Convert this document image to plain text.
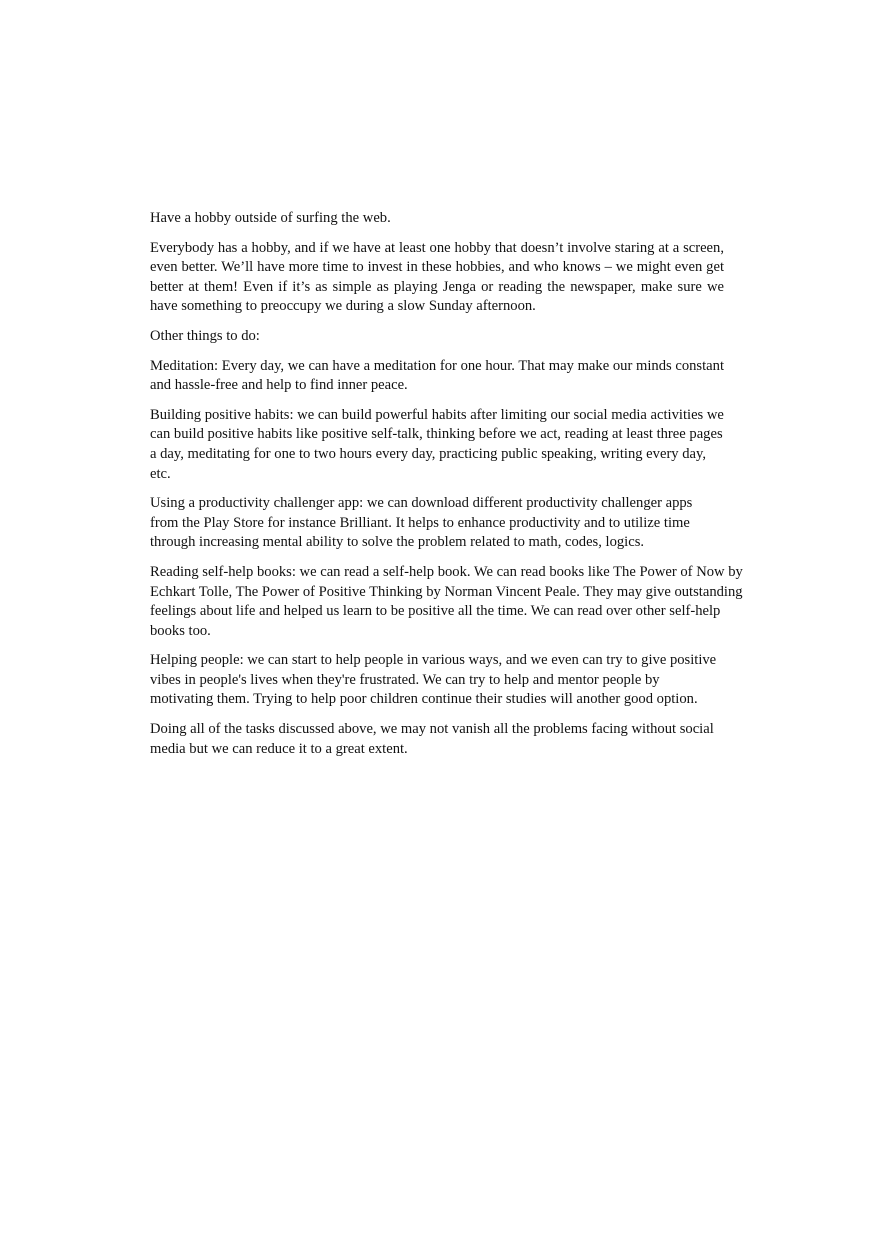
Have a hobby outside of surfing the web.

Everybody has a hobby, and if we have at least one hobby that doesn’t involve staring at a screen, even better. We’ll have more time to invest in these hobbies, and who knows – we might even get better at them! Even if it’s as simple as playing Jenga or reading the newspaper, make sure we have something to preoccupy we during a slow Sunday afternoon.

Other things to do:

Meditation: Every day, we can have a meditation for one hour. That may make our minds constant and hassle-free and help to find inner peace.

Building positive habits: we can build powerful habits after limiting our social media activities we can build positive habits like positive self-talk, thinking before we act, reading at least three pages a day, meditating for one to two hours every day, practicing public speaking, writing every day, etc.

Using a productivity challenger app: we can download different productivity challenger apps from the Play Store for instance Brilliant. It helps to enhance productivity and to utilize time through increasing mental ability to solve the problem related to math, codes, logics.

Reading self-help books: we can read a self-help book. We can read books like The Power of Now by Echkart Tolle, The Power of Positive Thinking by Norman Vincent Peale. They may give outstanding feelings about life and helped us learn to be positive all the time. We can read over other self-help books too.

Helping people: we can start to help people in various ways, and we even can try to give positive vibes in people's lives when they're frustrated. We can try to help and mentor people by motivating them. Trying to help poor children continue their studies will another good option.

Doing all of the tasks discussed above, we may not vanish all the problems facing without social media but we can reduce it to a great extent.
